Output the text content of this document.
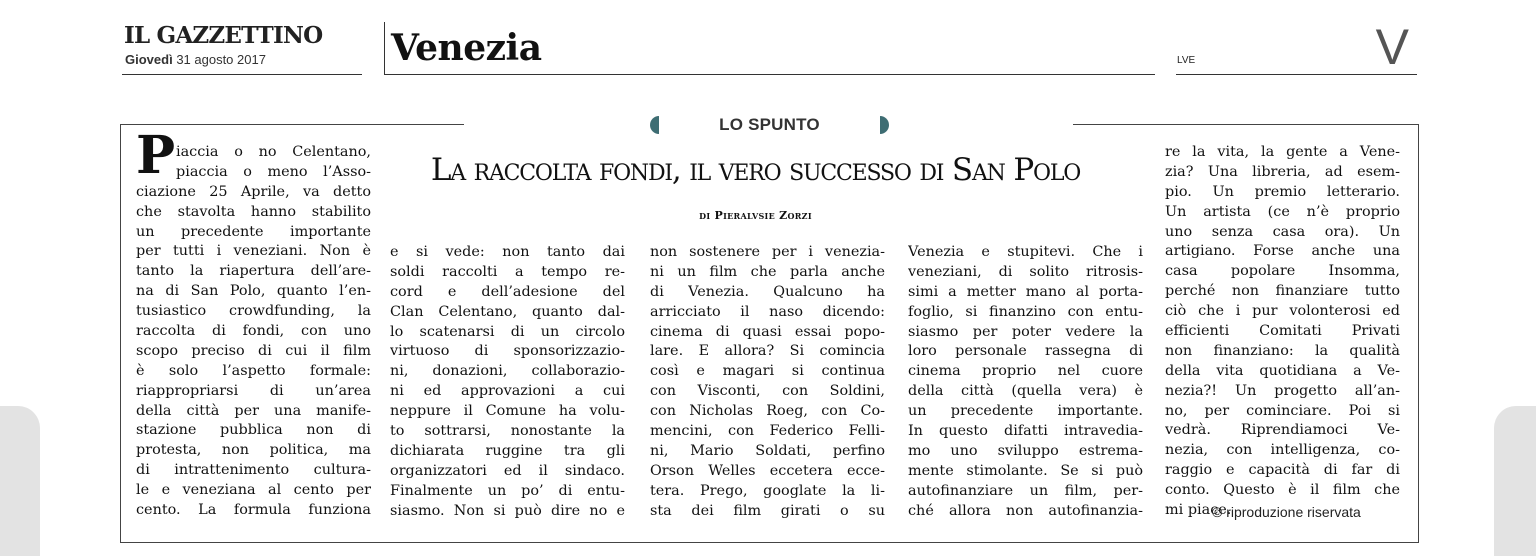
IL GAZZETTINO
Giovedì 31 agosto 2017	Venezia	LVE	V
LO SPUNTO
La raccolta fondi, il vero successo di San Polo
di Pieralvsie Zorzi
P iaccia o no Celentano,
piaccia o meno l’Asso-
ciazione 25 Aprile, va detto
che stavolta hanno stabilito
un precedente importante
per tutti i veneziani. Non è
tanto la riapertura dell’are-
na di San Polo, quanto l’en-
tusiastico crowdfunding, la
raccolta di fondi, con uno
scopo preciso di cui il film
è solo l’aspetto formale:
riappropriarsi di un’area
della città per una manife-
stazione pubblica non di
protesta, non politica, ma
di intrattenimento cultura-
le e veneziana al cento per
cento. La formula funziona
e si vede: non tanto dai
soldi raccolti a tempo re-
cord e dell’adesione del
Clan Celentano, quanto dal-
lo scatenarsi di un circolo
virtuoso di sponsorizzazio-
ni, donazioni, collaborazio-
ni ed approvazioni a cui
neppure il Comune ha volu-
to sottrarsi, nonostante la
dichiarata ruggine tra gli
organizzatori ed il sindaco.
Finalmente un po’ di entu-
siasmo. Non si può dire no e
non sostenere per i venezia-
ni un film che parla anche
di Venezia. Qualcuno ha
arricciato il naso dicendo:
cinema di quasi essai popo-
lare. E allora? Si comincia
così e magari si continua
con Visconti, con Soldini,
con Nicholas Roeg, con Co-
mencini, con Federico Felli-
ni, Mario Soldati, perfino
Orson Welles eccetera ecce-
tera. Prego, googlate la li-
sta dei film girati o su
Venezia e stupitevi. Che i
veneziani, di solito ritrosis-
simi a metter mano al porta-
foglio, si finanzino con entu-
siasmo per poter vedere la
loro personale rassegna di
cinema proprio nel cuore
della città (quella vera) è
un precedente importante.
In questo difatti intravedia-
mo uno sviluppo estrema-
mente stimolante. Se si può
autofinanziare un film, per-
ché allora non autofinanzia-
re la vita, la gente a Vene-
zia? Una libreria, ad esem-
pio. Un premio letterario.
Un artista (ce n’è proprio
uno senza casa ora). Un
artigiano. Forse anche una
casa popolare Insomma,
perché non finanziare tutto
ciò che i pur volonterosi ed
efficienti Comitati Privati
non finanziano: la qualità
della vita quotidiana a Ve-
nezia?! Un progetto all’an-
no, per cominciare. Poi si
vedrà. Riprendiamoci Ve-
nezia, con intelligenza, co-
raggio e capacità di far di
conto. Questo è il film che
mi piace.
© riproduzione riservata
